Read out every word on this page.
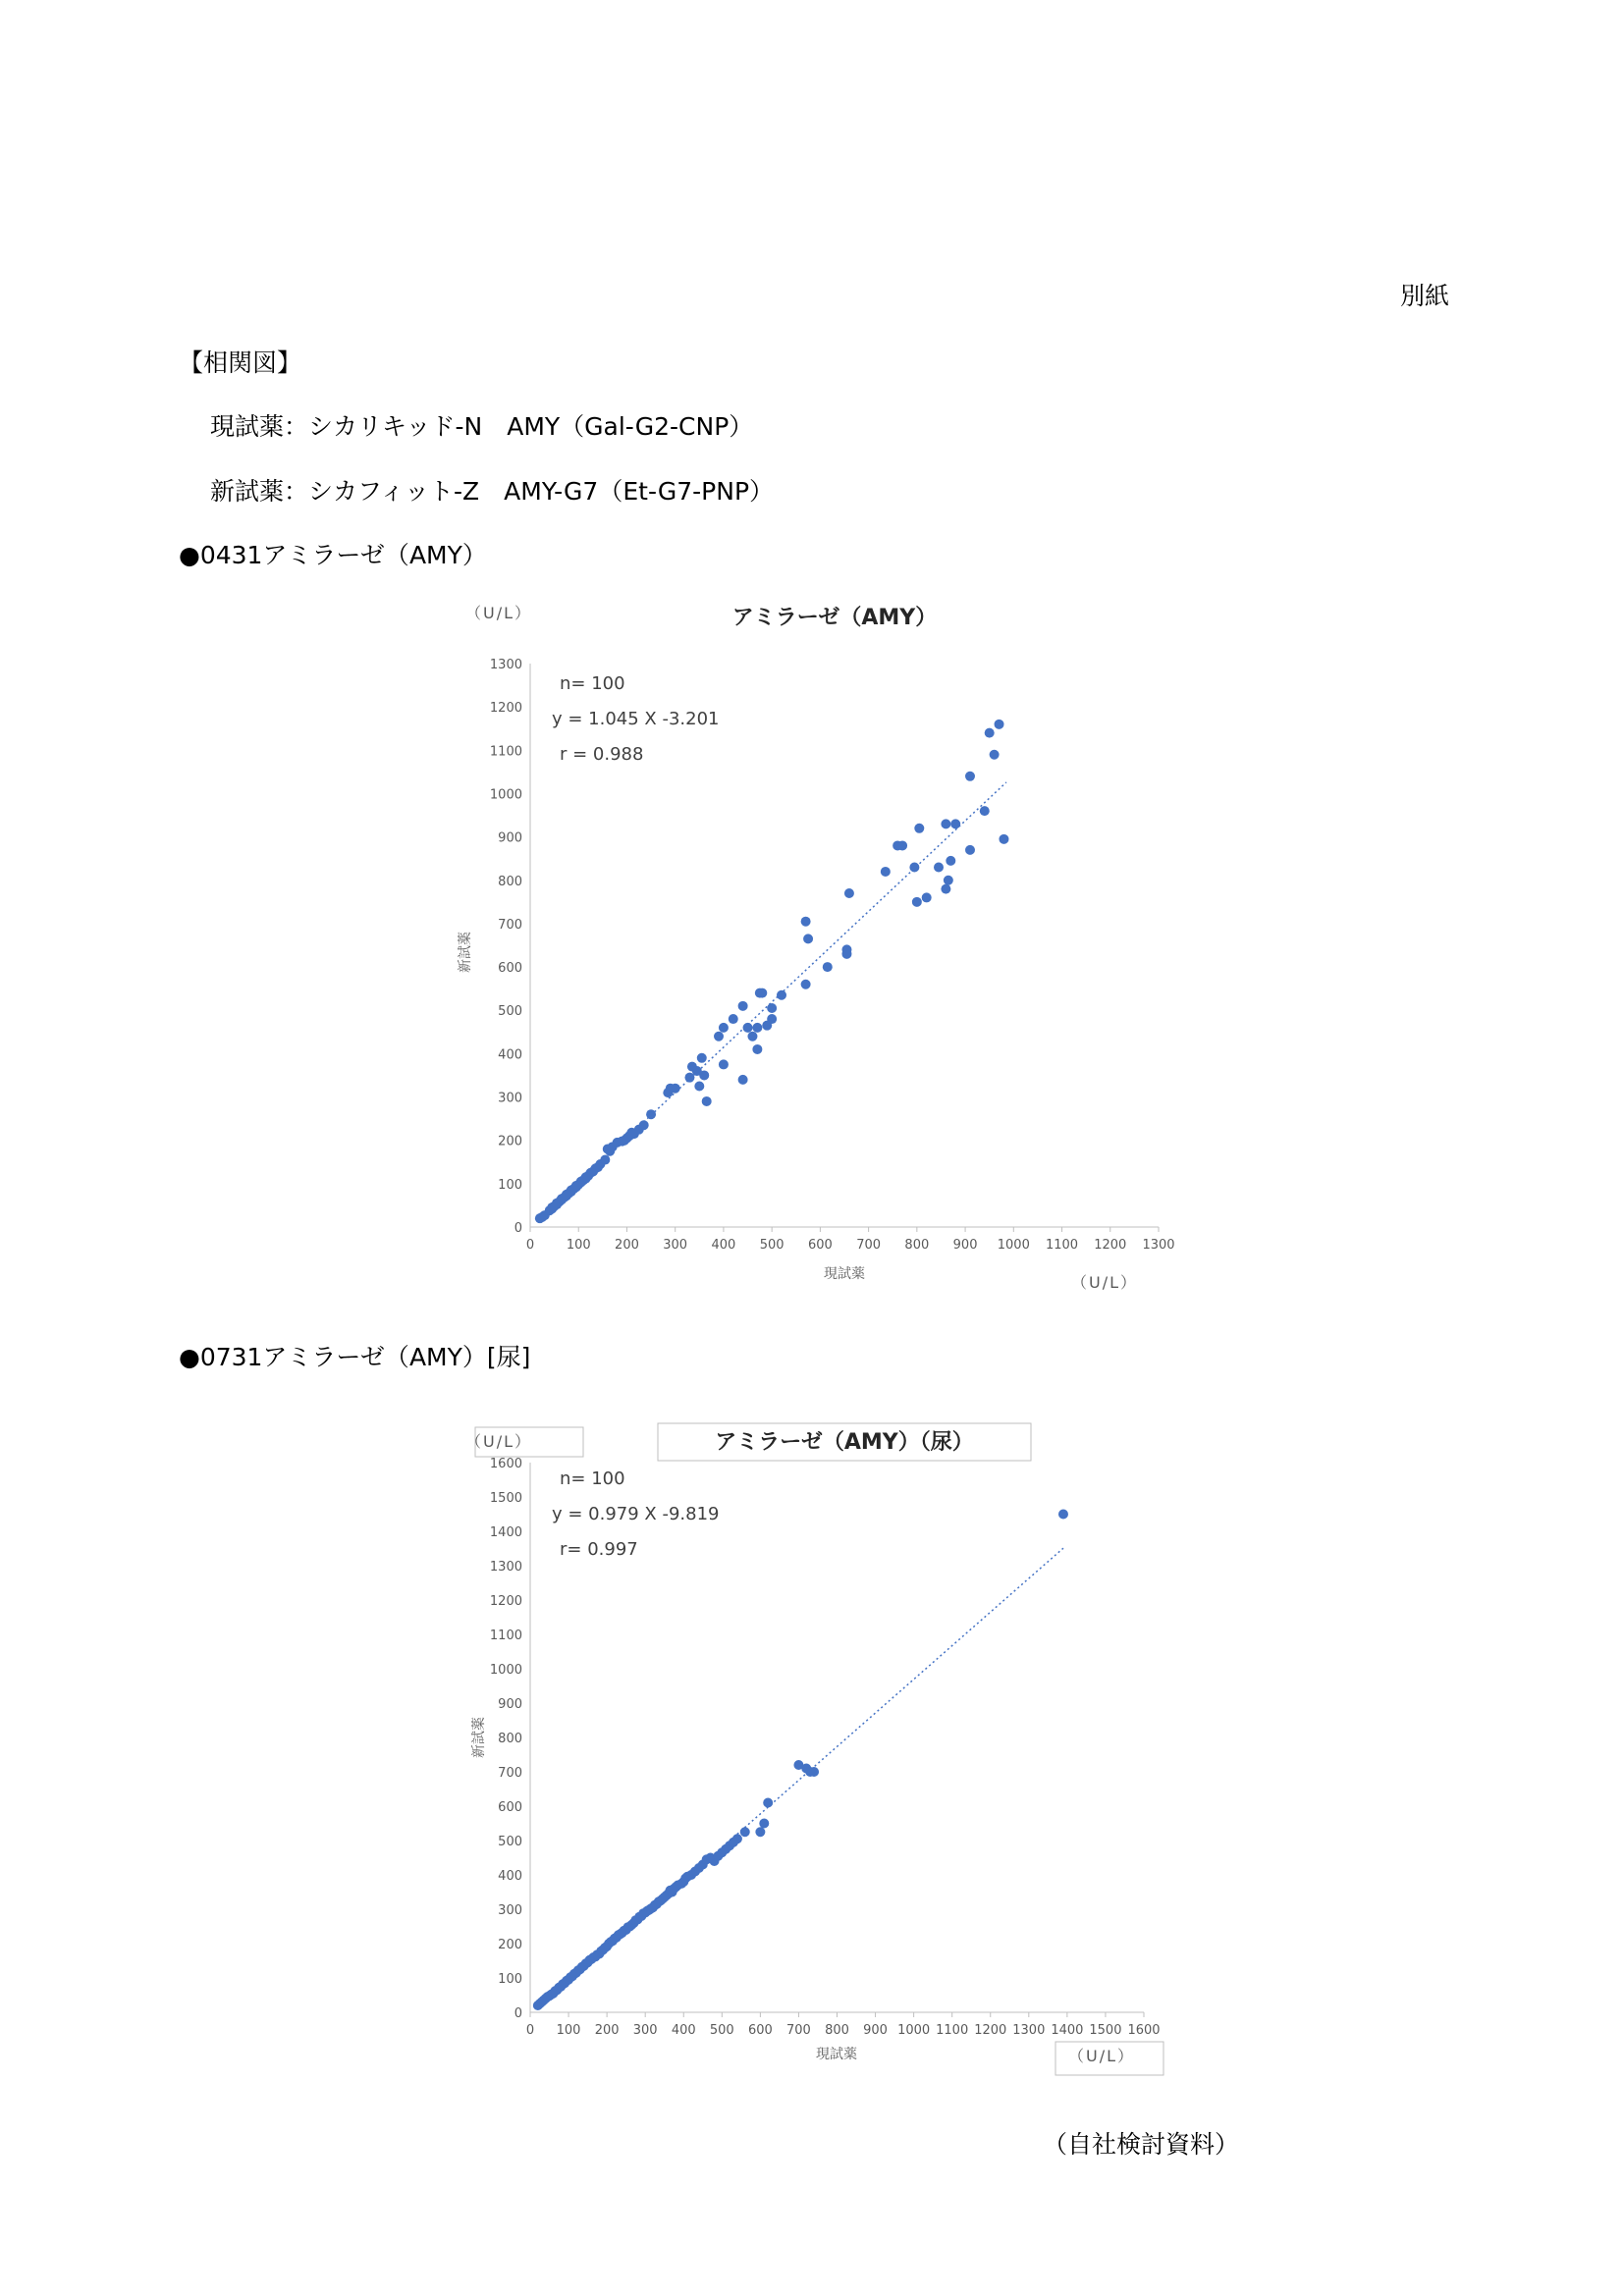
別紙
【相関図】
現試薬：シカリキッド-N　AMY（Gal-G2-CNP）
新試薬：シカフィット-Z　AMY-G7（Et-G7-PNP）
●0431アミラーゼ（AMY）
●0731アミラーゼ（AMY）[尿]
（自社検討資料）
0	100 200 300 400 500 600 700 800 900 1000 1100 1200 1300
0
100
200
300
400
500
600
700
800
900
1000
1100
1200
1300
アミラーゼ（AMY）
（U/L）
（U/L）
現試薬
新試薬
n= 100
y = 1.045 X -3.201
r = 0.988
0 100 200 300 400 500 600 700 800 900 1000 1100 1200 1300 1400 1500 1600
0
100
200
300
400
500
600
700
800
900
1000
1100
1200
1300
1400
1500
1600
アミラーゼ（AMY）（尿）
（U/L）
（U/L）
現試薬
新試薬
n= 100
y = 0.979 X -9.819
r= 0.997
